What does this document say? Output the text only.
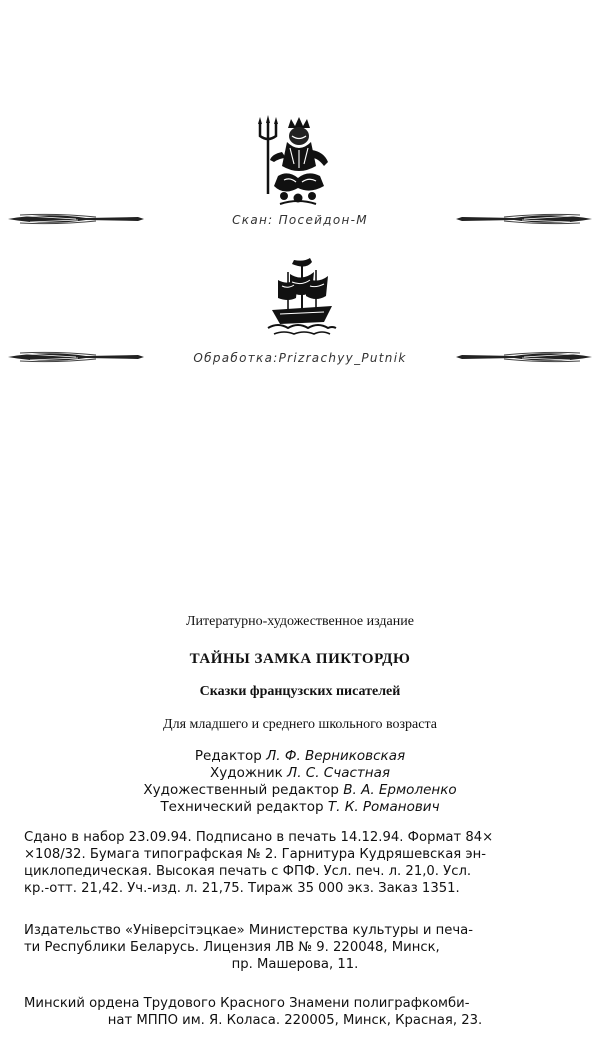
Скан: Посейдон-М
Обработка:Prizrachyy_Putnik
Литературно-художественное издание
ТАЙНЫ ЗАМКА ПИКТОРДЮ
Сказки французских писателей
Для младшего и среднего школьного возраста
Редактор Л. Ф. Верниковская
Художник Л. С. Счастная
Художественный редактор В. А. Ермоленко
Технический редактор Т. К. Романович
Сдано в набор 23.09.94. Подписано в печать 14.12.94. Формат 84×
×108/32. Бумага типографская № 2. Гарнитура Кудряшевская эн-
циклопедическая. Высокая печать с ФПФ. Усл. печ. л. 21,0. Усл.
кр.-отт. 21,42. Уч.-изд. л. 21,75. Тираж 35 000 экз. Заказ 1351.
Издательство «Універсітэцкае» Министерства культуры и печа-
ти Республики Беларусь. Лицензия ЛВ № 9. 220048, Минск,
пр. Машерова, 11.
Минский ордена Трудового Красного Знамени полиграфкомби-
нат МППО им. Я. Коласа. 220005, Минск, Красная, 23.
